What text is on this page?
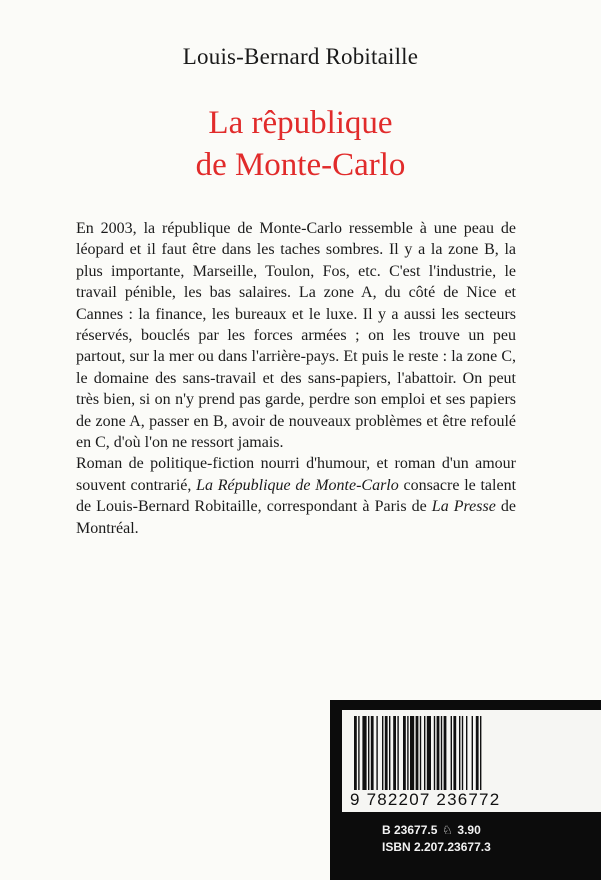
Louis-Bernard Robitaille
La rêpublique
de Monte-Carlo

En 2003, la république de Monte-Carlo ressemble à une peau de léopard et il faut être dans les taches sombres. Il y a la zone B, la plus importante, Marseille, Toulon, Fos, etc. C'est l'industrie, le travail pénible, les bas salaires. La zone A, du côté de Nice et Cannes : la finance, les bureaux et le luxe. Il y a aussi les secteurs réservés, bouclés par les forces armées ; on les trouve un peu partout, sur la mer ou dans l'arrière-pays. Et puis le reste : la zone C, le domaine des sans-travail et des sans-papiers, l'abattoir. On peut très bien, si on n'y prend pas garde, perdre son emploi et ses papiers de zone A, passer en B, avoir de nouveaux problèmes et être refoulé en C, d'où l'on ne ressort jamais.

Roman de politique-fiction nourri d'humour, et roman d'un amour souvent contrarié, La République de Monte-Carlo consacre le talent de Louis-Bernard Robitaille, correspondant à Paris de La Presse de Montréal.

9 782207 236772
B 23677.5 ♘ 3.90
ISBN 2.207.23677.3
